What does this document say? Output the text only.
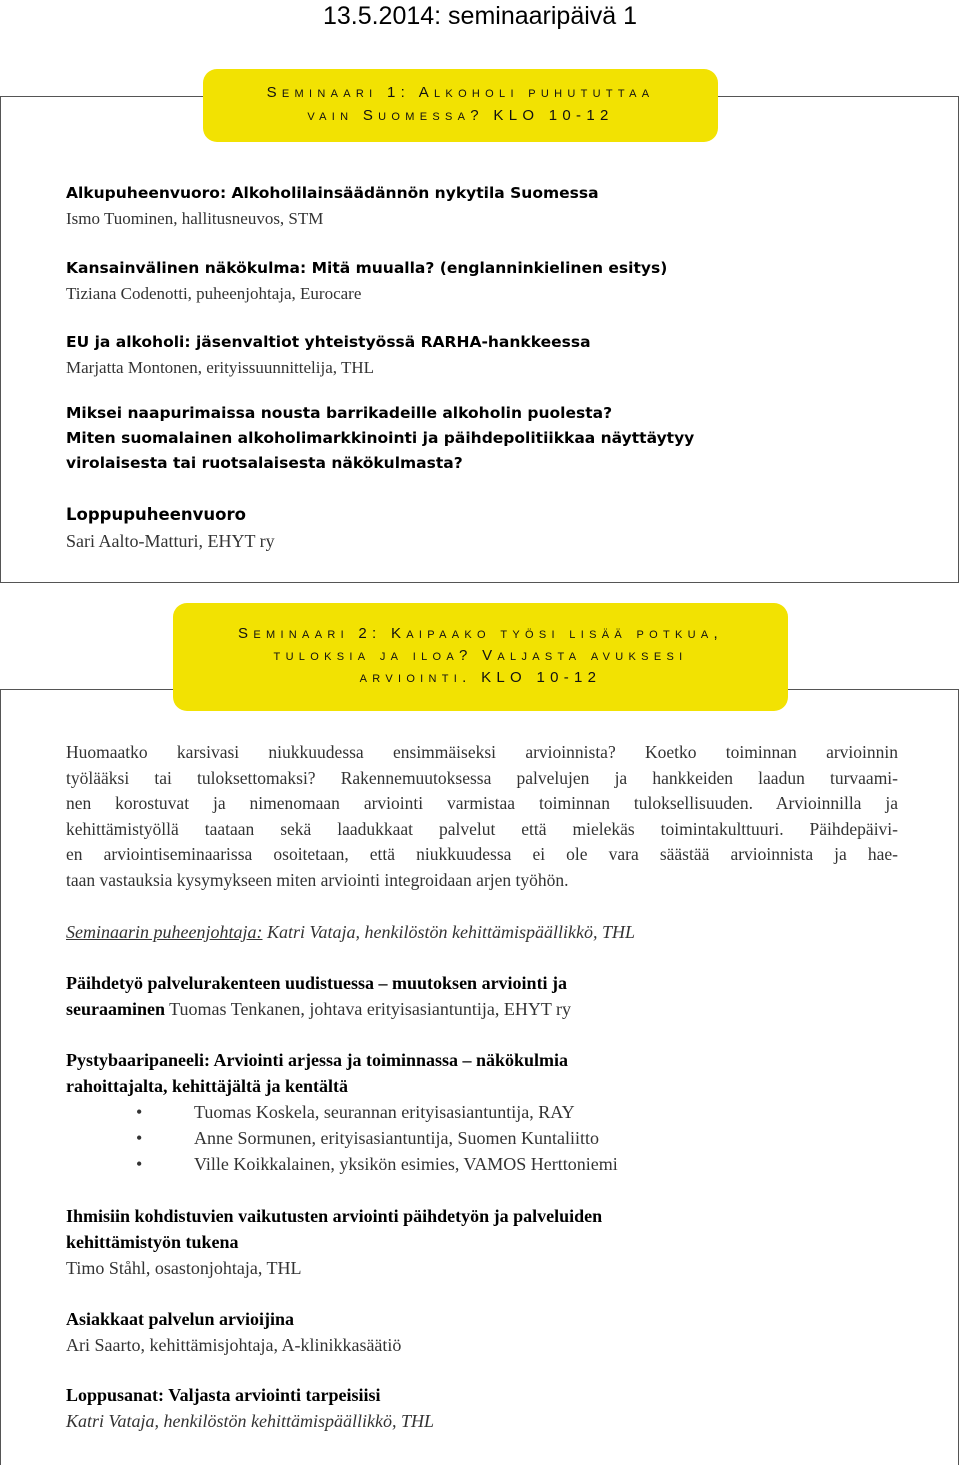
13.5.2014: seminaaripäivä 1
Seminaari 1: Alkoholi puhututtaa
vain Suomessa? KLO 10-12
Alkupuheenvuoro: Alkoholilainsäädännön nykytila Suomessa
Ismo Tuominen, hallitusneuvos, STM
Kansainvälinen näkökulma: Mitä muualla? (englanninkielinen esitys)
Tiziana Codenotti, puheenjohtaja, Eurocare
EU ja alkoholi: jäsenvaltiot yhteistyössä RARHA-hankkeessa
Marjatta Montonen, erityissuunnittelija, THL
Miksei naapurimaissa nousta barrikadeille alkoholin puolesta?
Miten suomalainen alkoholimarkkinointi ja päihdepolitiikkaa näyttäytyy
virolaisesta tai ruotsalaisesta näkökulmasta?
Loppupuheenvuoro
Sari Aalto-Matturi, EHYT ry
Seminaari 2: Kaipaako työsi lisää potkua,
tuloksia ja iloa? Valjasta avuksesi
arviointi. KLO 10-12
Huomaatko karsivasi niukkuudessa ensimmäiseksi arvioinnista? Koetko toiminnan arvioinnin
työlääksi tai tuloksettomaksi? Rakennemuutoksessa palvelujen ja hankkeiden laadun turvaami-
nen korostuvat ja nimenomaan arviointi varmistaa toiminnan tuloksellisuuden. Arvioinnilla ja
kehittämistyöllä taataan sekä laadukkaat palvelut että mielekäs toimintakulttuuri. Päihdepäivi-
en arviointiseminaarissa osoitetaan, että niukkuudessa ei ole vara säästää arvioinnista ja hae-
taan vastauksia kysymykseen miten arviointi integroidaan arjen työhön.
Seminaarin puheenjohtaja: Katri Vataja, henkilöstön kehittämispäällikkö, THL
Päihdetyö palvelurakenteen uudistuessa – muutoksen arviointi ja
seuraaminen Tuomas Tenkanen, johtava erityisasiantuntija, EHYT ry
Pystybaaripaneeli: Arviointi arjessa ja toiminnassa – näkökulmia
rahoittajalta, kehittäjältä ja kentältä
•	Tuomas Koskela, seurannan erityisasiantuntija, RAY
•	Anne Sormunen, erityisasiantuntija, Suomen Kuntaliitto
•	Ville Koikkalainen, yksikön esimies, VAMOS Herttoniemi
Ihmisiin kohdistuvien vaikutusten arviointi päihdetyön ja palveluiden
kehittämistyön tukena
Timo Ståhl, osastonjohtaja, THL
Asiakkaat palvelun arvioijina
Ari Saarto, kehittämisjohtaja, A-klinikkasäätiö
Loppusanat: Valjasta arviointi tarpeisiisi
Katri Vataja, henkilöstön kehittämispäällikkö, THL
